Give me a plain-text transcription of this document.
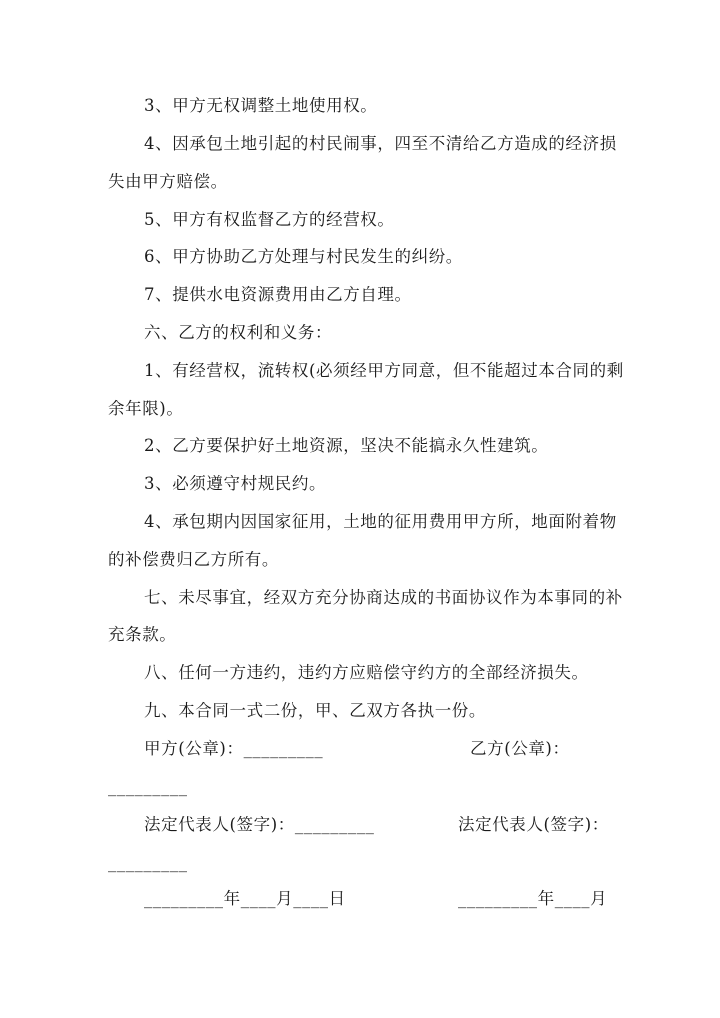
3、甲方无权调整土地使用权。
4、因承包土地引起的村民闹事，四至不清给乙方造成的经济损
失由甲方赔偿。
5、甲方有权监督乙方的经营权。
6、甲方协助乙方处理与村民发生的纠纷。
7、提供水电资源费用由乙方自理。
六、乙方的权利和义务：
1、有经营权，流转权(必须经甲方同意，但不能超过本合同的剩
余年限)。
2、乙方要保护好土地资源，坚决不能搞永久性建筑。
3、必须遵守村规民约。
4、承包期内因国家征用，土地的征用费用甲方所，地面附着物
的补偿费归乙方所有。
七、未尽事宜，经双方充分协商达成的书面协议作为本事同的补
充条款。
八、任何一方违约，违约方应赔偿守约方的全部经济损失。
九、本合同一式二份，甲、乙双方各执一份。
甲方(公章)：_________	乙方(公章)：
_________
法定代表人(签字)：_________	法定代表人(签字)：
_________
_________年____月____日	_________年____月
